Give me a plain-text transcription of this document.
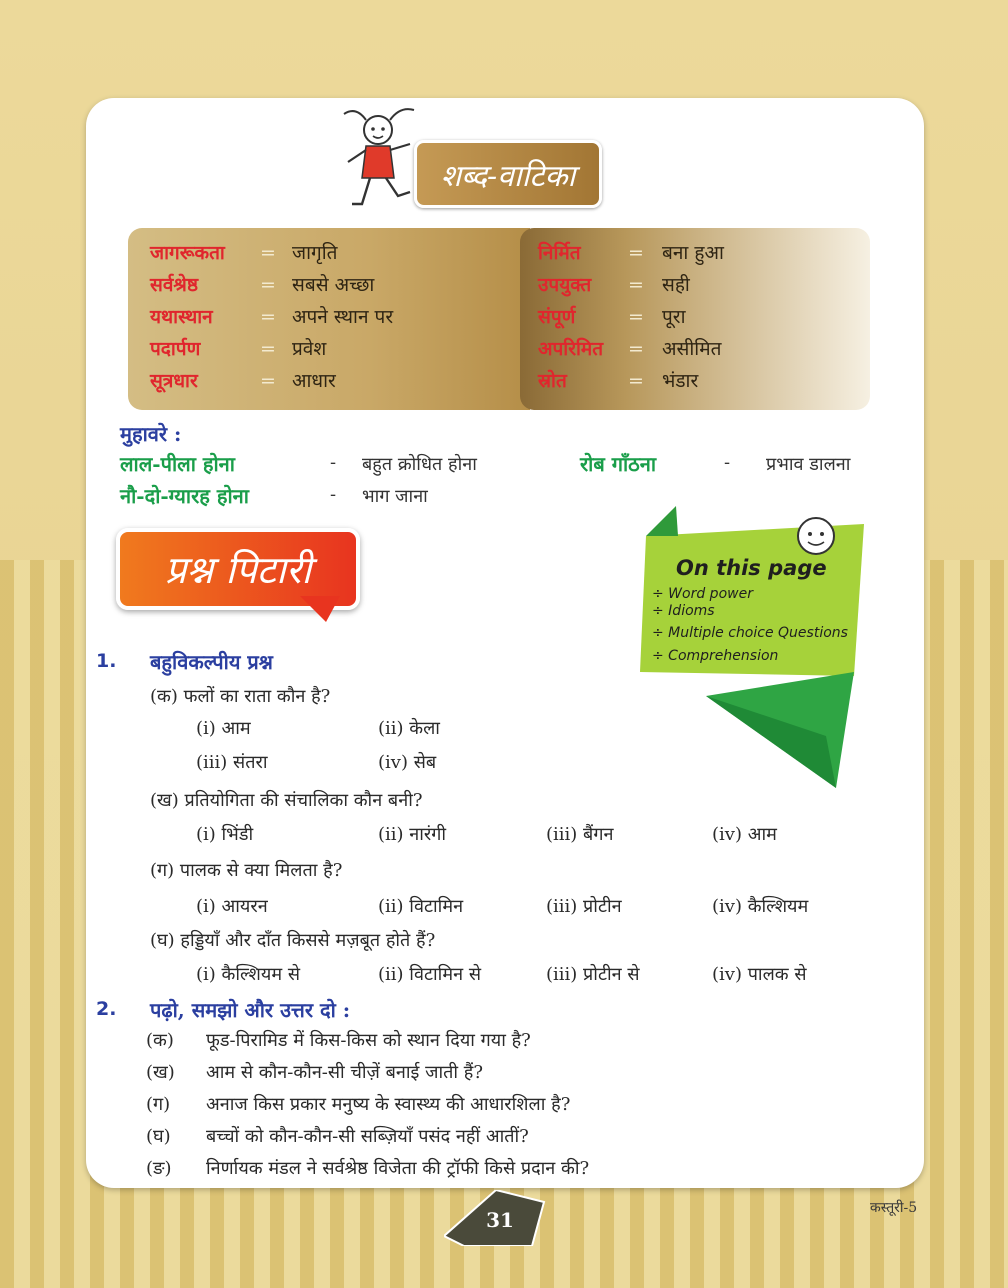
शब्द-वाटिका
जागरूकता = जागृति
सर्वश्रेष्ठ	= सबसे अच्छा
यथास्थान = अपने स्थान पर
पदार्पण	= प्रवेश
सूत्रधार	= आधार
निर्मित = बना हुआ
उपयुक्त = सही
संपूर्ण	= पूरा
अपरिमित = असीमित
स्रोत	= भंडार
मुहावरे :
लाल-पीला होना	- बहुत क्रोधित होना	रोब गाँठना	- प्रभाव डालना
नौ-दो-ग्यारह होना	- भाग जाना
प्रश्न पिटारी	On this page
÷ Word power
÷ Idioms
÷ Multiple choice Questions
÷ Comprehension
1. बहुविकल्पीय प्रश्न
(क) फलों का राता कौन है?
(i) आम	(ii) केला
(iii) संतरा	(iv) सेब
(ख) प्रतियोगिता की संचालिका कौन बनी?
(i) भिंडी	(ii) नारंगी	(iii) बैंगन	(iv) आम
(ग) पालक से क्या मिलता है?
(i) आयरन	(ii) विटामिन	(iii) प्रोटीन	(iv) कैल्शियम
(घ) हड्डियाँ और दाँत किससे मज़बूत होते हैं?
(i) कैल्शियम से	(ii) विटामिन से	(iii) प्रोटीन से	(iv) पालक से
2. पढ़ो, समझो और उत्तर दो :
(क) फूड-पिरामिड में किस-किस को स्थान दिया गया है?
(ख) आम से कौन-कौन-सी चीज़ें बनाई जाती हैं?
(ग) अनाज किस प्रकार मनुष्य के स्वास्थ्य की आधारशिला है?
(घ) बच्चों को कौन-कौन-सी सब्ज़ियाँ पसंद नहीं आतीं?
(ङ) निर्णायक मंडल ने सर्वश्रेष्ठ विजेता की ट्रॉफी किसे प्रदान की?
31	कस्तूरी-5
